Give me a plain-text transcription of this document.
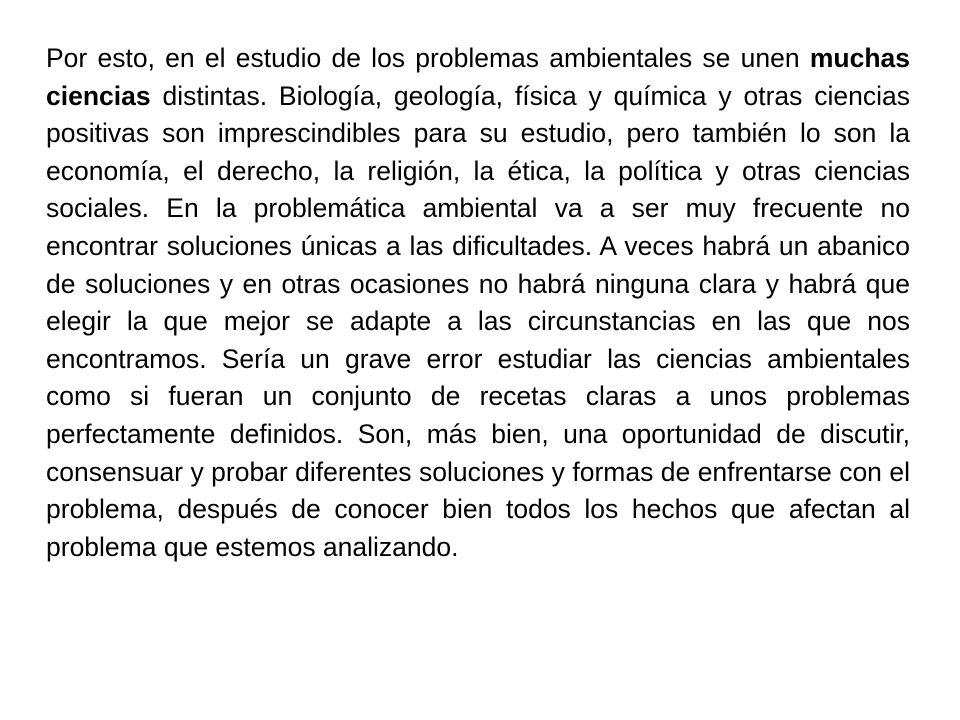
Por esto, en el estudio de los problemas ambientales se unen muchas ciencias distintas. Biología, geología, física y química y otras ciencias positivas son imprescindibles para su estudio, pero también lo son la economía, el derecho, la religión, la ética, la política y otras ciencias sociales. En la problemática ambiental va a ser muy frecuente no encontrar soluciones únicas a las dificultades. A veces habrá un abanico de soluciones y en otras ocasiones no habrá ninguna clara y habrá que elegir la que mejor se adapte a las circunstancias en las que nos encontramos. Sería un grave error estudiar las ciencias ambientales como si fueran un conjunto de recetas claras a unos problemas perfectamente definidos. Son, más bien, una oportunidad de discutir, consensuar y probar diferentes soluciones y formas de enfrentarse con el problema, después de conocer bien todos los hechos que afectan al problema que estemos analizando.
